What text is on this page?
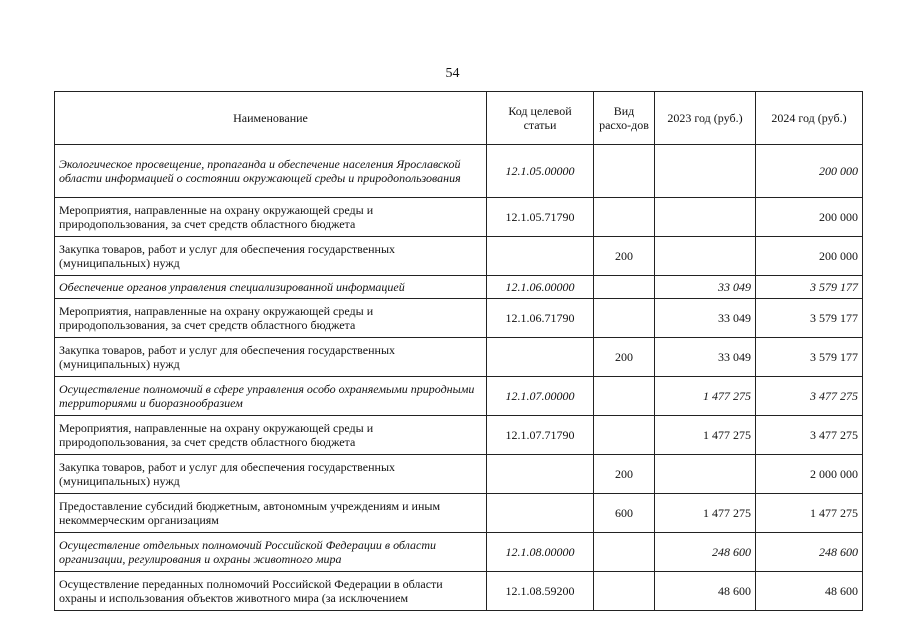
54
Наименование	Код целевой статьи	Вид расхо-дов	2023 год (руб.)	2024 год (руб.)
Экологическое просвещение, пропаганда и обеспечение населения Ярославской области информацией о состоянии окружающей среды и природопользования	12.1.05.00000			200 000
Мероприятия, направленные на охрану окружающей среды и природопользования, за счет средств областного бюджета	12.1.05.71790			200 000
Закупка товаров, работ и услуг для обеспечения государственных (муниципальных) нужд		200		200 000
Обеспечение органов управления специализированной информацией	12.1.06.00000		33 049	3 579 177
Мероприятия, направленные на охрану окружающей среды и природопользования, за счет средств областного бюджета	12.1.06.71790		33 049	3 579 177
Закупка товаров, работ и услуг для обеспечения государственных (муниципальных) нужд		200	33 049	3 579 177
Осуществление полномочий в сфере управления особо охраняемыми природными территориями и биоразнообразием	12.1.07.00000		1 477 275	3 477 275
Мероприятия, направленные на охрану окружающей среды и природопользования, за счет средств областного бюджета	12.1.07.71790		1 477 275	3 477 275
Закупка товаров, работ и услуг для обеспечения государственных (муниципальных) нужд		200		2 000 000
Предоставление субсидий бюджетным, автономным учреждениям и иным некоммерческим организациям		600	1 477 275	1 477 275
Осуществление отдельных полномочий Российской Федерации в области организации, регулирования и охраны животного мира	12.1.08.00000		248 600	248 600
Осуществление переданных полномочий Российской Федерации в области охраны и использования объектов животного мира (за исключением	12.1.08.59200		48 600	48 600
